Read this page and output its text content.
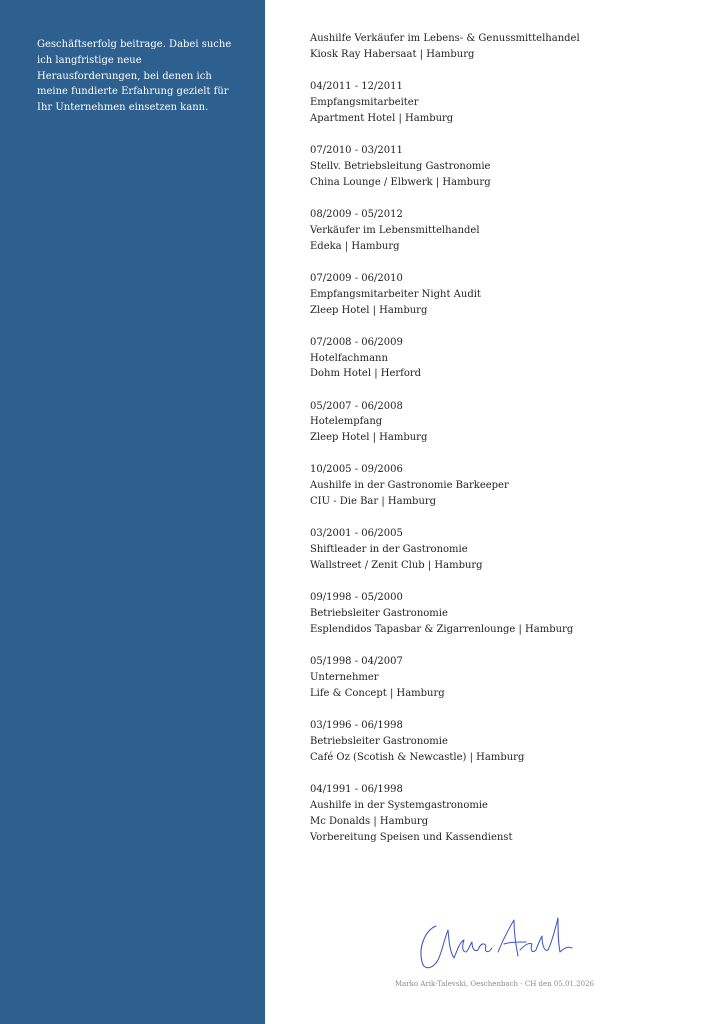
Geschäftserfolg beitrage. Dabei suche ich langfristige neue Herausforderungen, bei denen ich meine fundierte Erfahrung gezielt für Ihr Unternehmen einsetzen kann.

Aushilfe Verkäufer im Lebens- & Genussmittelhandel
Kiosk Ray Habersaat | Hamburg
04/2011 - 12/2011
Empfangsmitarbeiter
Apartment Hotel | Hamburg
07/2010 - 03/2011
Stellv. Betriebsleitung Gastronomie
China Lounge / Elbwerk | Hamburg
08/2009 - 05/2012
Verkäufer im Lebensmittelhandel
Edeka | Hamburg
07/2009 - 06/2010
Empfangsmitarbeiter Night Audit
Zleep Hotel | Hamburg
07/2008 - 06/2009
Hotelfachmann
Dohm Hotel | Herford
05/2007 - 06/2008
Hotelempfang
Zleep Hotel | Hamburg
10/2005 - 09/2006
Aushilfe in der Gastronomie Barkeeper
CIU - Die Bar | Hamburg
03/2001 - 06/2005
Shiftleader in der Gastronomie
Wallstreet / Zenit Club | Hamburg
09/1998 - 05/2000
Betriebsleiter Gastronomie
Esplendidos Tapasbar & Zigarrenlounge | Hamburg
05/1998 - 04/2007
Unternehmer
Life & Concept | Hamburg
03/1996 - 06/1998
Betriebsleiter Gastronomie
Café Oz (Scotish & Newcastle) | Hamburg
04/1991 - 06/1998
Aushilfe in der Systemgastronomie
Mc Donalds | Hamburg
Vorbereitung Speisen und Kassendienst
Marko Arik-Talevski, Oeschenbach - CH den 05.01.2026
